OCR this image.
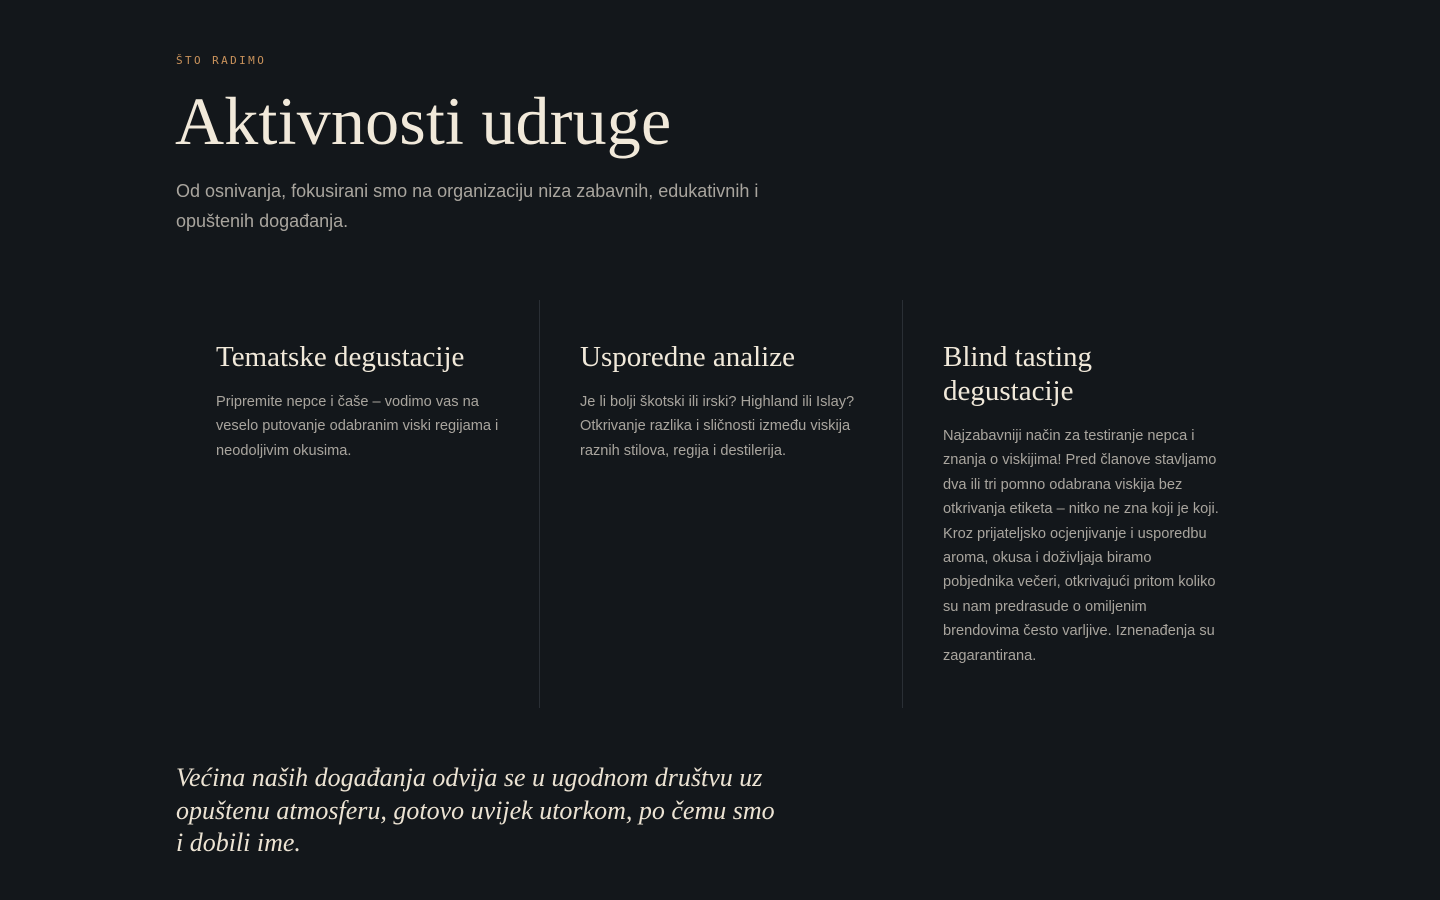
ŠTO RADIMO

Aktivnosti udruge

Od osnivanja, fokusirani smo na organizaciju niza zabavnih, edukativnih i opuštenih događanja.

Tematske degustacije

Pripremite nepce i čaše – vodimo vas na veselo putovanje odabranim viski regijama i neodoljivim okusima.

Usporedne analize

Je li bolji škotski ili irski? Highland ili Islay? Otkrivanje razlika i sličnosti između viskija raznih stilova, regija i destilerija.

Blind tasting degustacije

Najzabavniji način za testiranje nepca i znanja o viskijima! Pred članove stavljamo dva ili tri pomno odabrana viskija bez otkrivanja etiketa – nitko ne zna koji je koji. Kroz prijateljsko ocjenjivanje i usporedbu aroma, okusa i doživljaja biramo pobjednika večeri, otkrivajući pritom koliko su nam predrasude o omiljenim brendovima često varljive. Iznenađenja su zagarantirana.

Većina naših događanja odvija se u ugodnom društvu uz opuštenu atmosferu, gotovo uvijek utorkom, po čemu smo i dobili ime.
